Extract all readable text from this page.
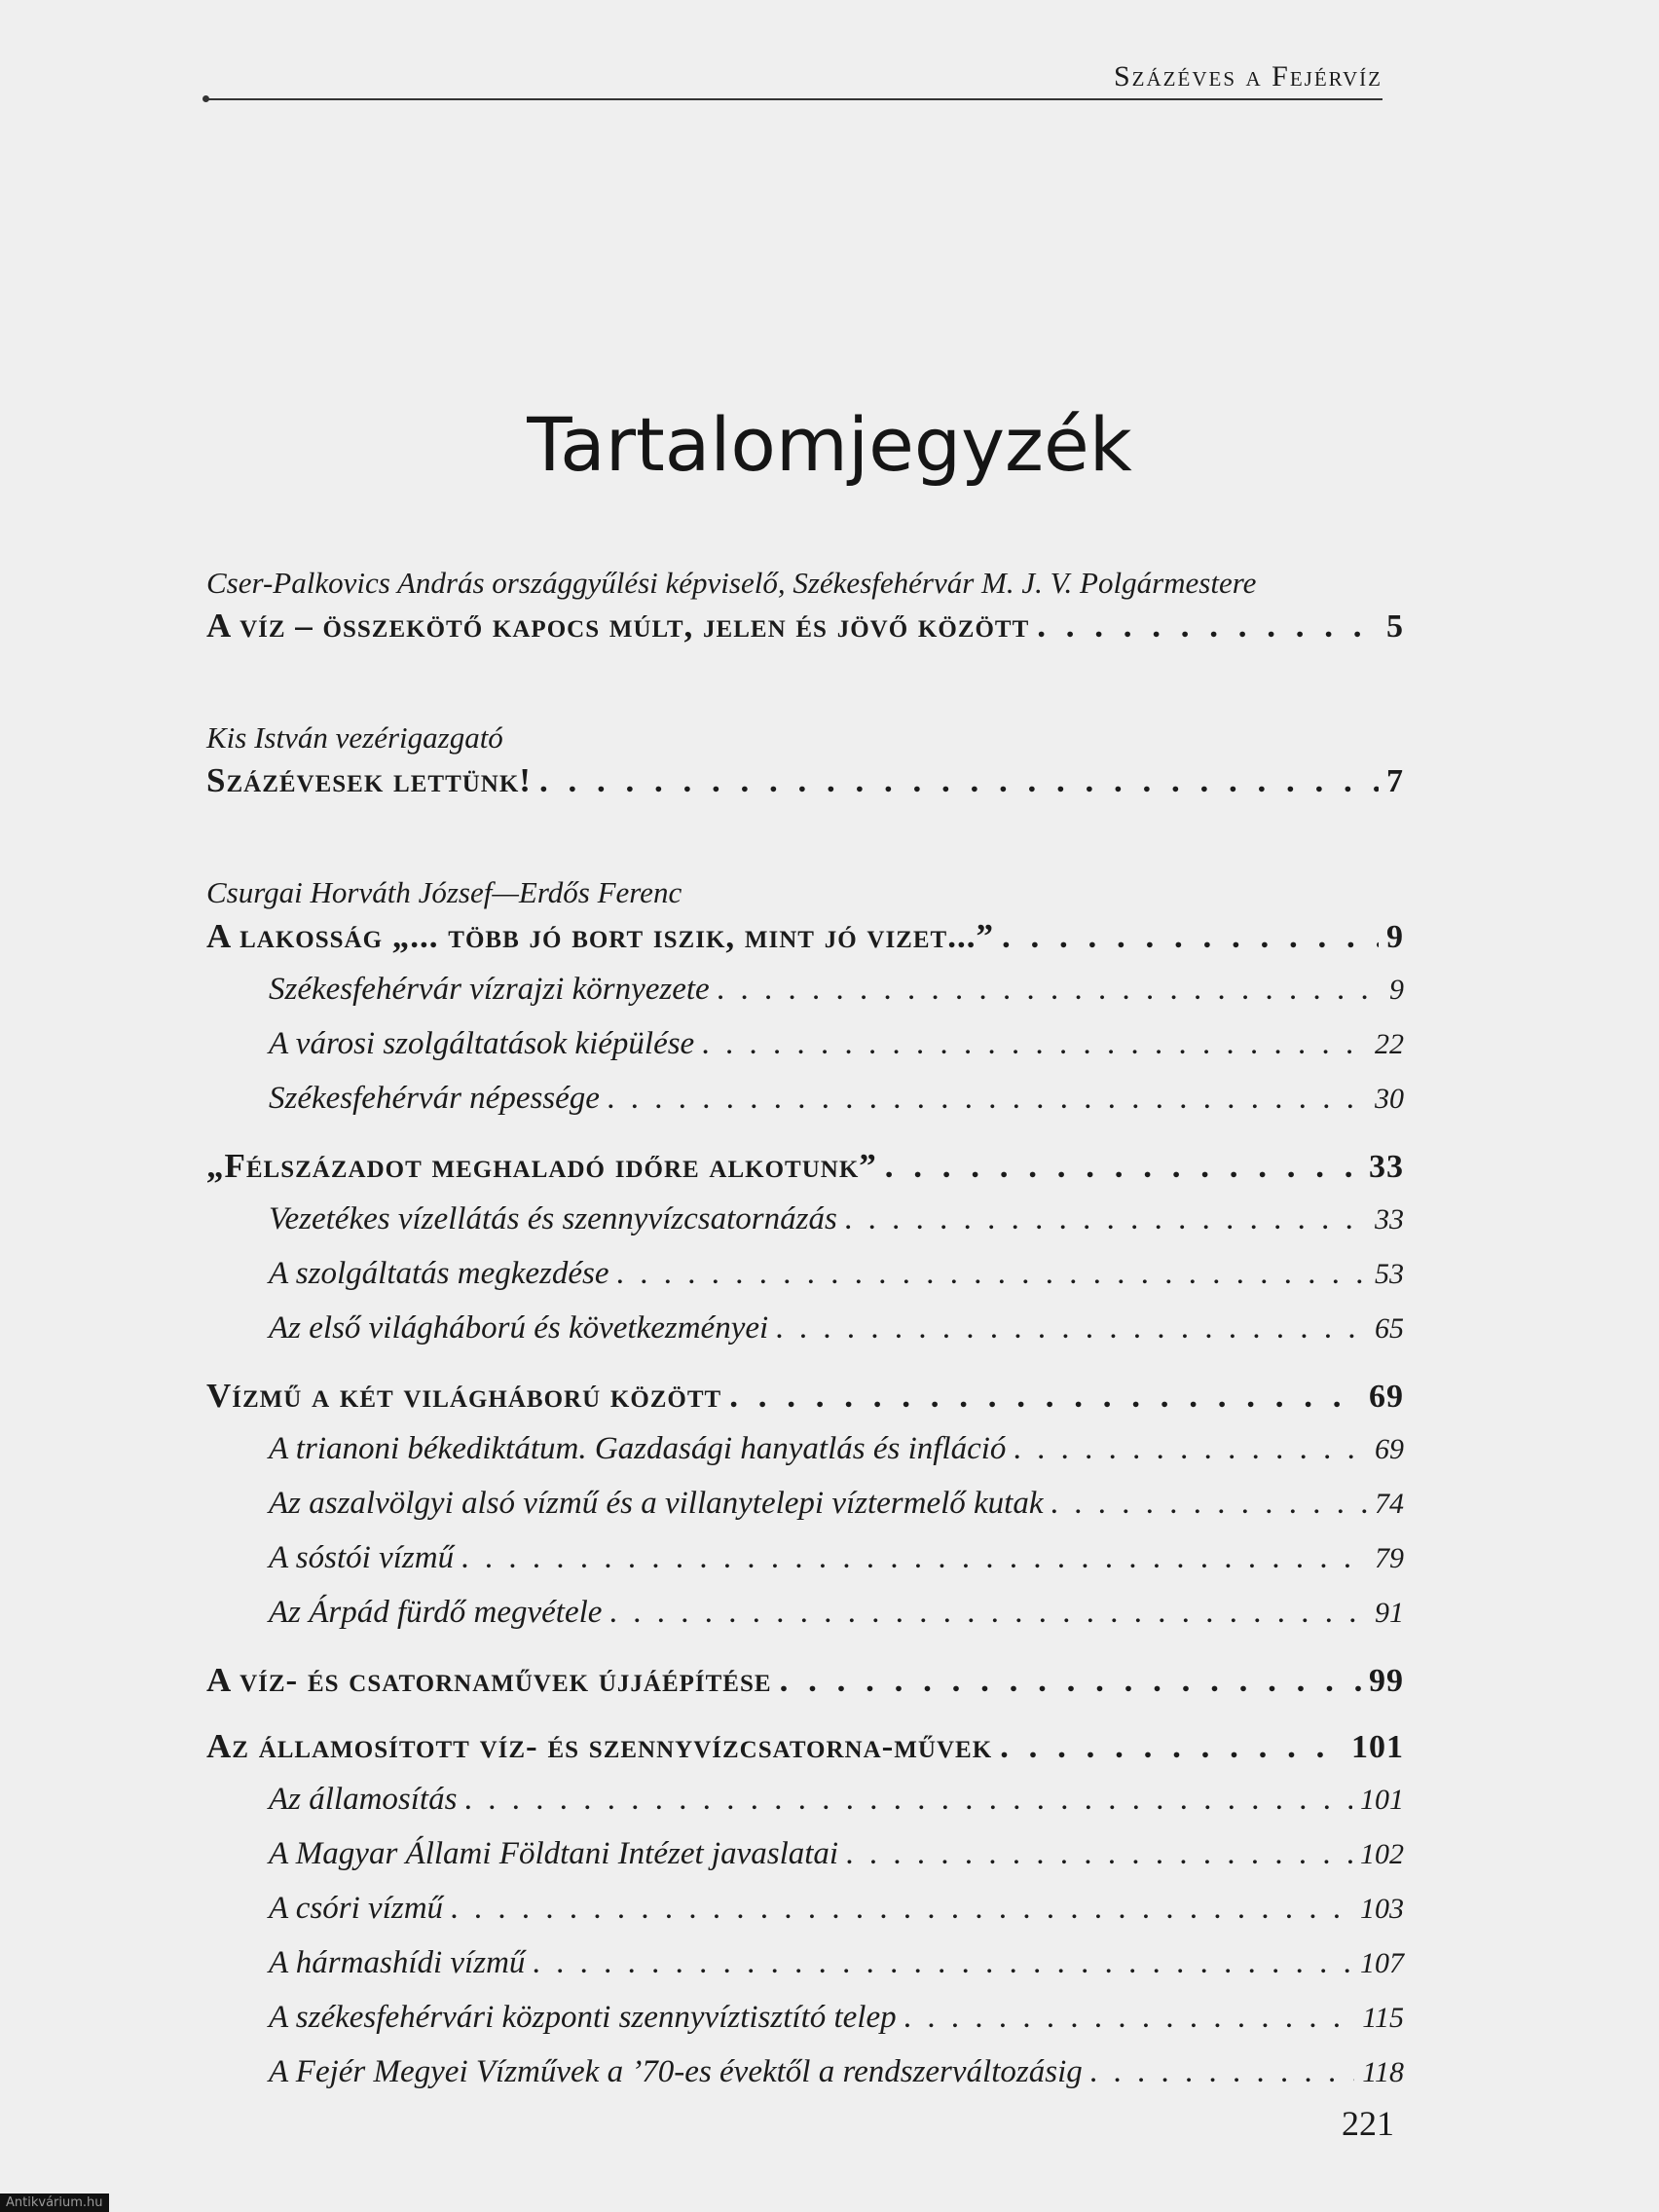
Százéves a Fejérvíz
Tartalomjegyzék
Cser-Palkovics András országgyűlési képviselő, Székesfehérvár M. J. V. Polgármestere
A víz – összekötő kapocs múlt, jelen és jövő között . . .	5
Kis István vezérigazgató
Százévesek lettünk! . . .	7
Csurgai Horváth József—Erdős Ferenc
A lakosság „... több jó bort iszik, mint jó vizet...” . . .	9
Székesfehérvár vízrajzi környezete . . .	9
A városi szolgáltatások kiépülése . . .	22
Székesfehérvár népessége . . .	30
„Félszázadot meghaladó időre alkotunk” . . .	33
Vezetékes vízellátás és szennyvízcsatornázás . . .	33
A szolgáltatás megkezdése . . .	53
Az első világháború és következményei . . .	65
Vízmű a két világháború között . . .	69
A trianoni békediktátum. Gazdasági hanyatlás és infláció . . .	69
Az aszalvölgyi alsó vízmű és a villanytelepi víztermelő kutak . . .	74
A sóstói vízmű . . .	79
Az Árpád fürdő megvétele . . .	91
A víz- és csatornaművek újjáépítése . . .	99
Az államosított víz- és szennyvízcsatorna-művek . . .	101
Az államosítás . . .	101
A Magyar Állami Földtani Intézet javaslatai . . .	102
A csóri vízmű . . .	103
A hármashídi vízmű . . .	107
A székesfehérvári központi szennyvíztisztító telep . . .	115
A Fejér Megyei Vízművek a ’70-es évektől a rendszerváltozásig . . .	118
221
Antikvárium.hu
